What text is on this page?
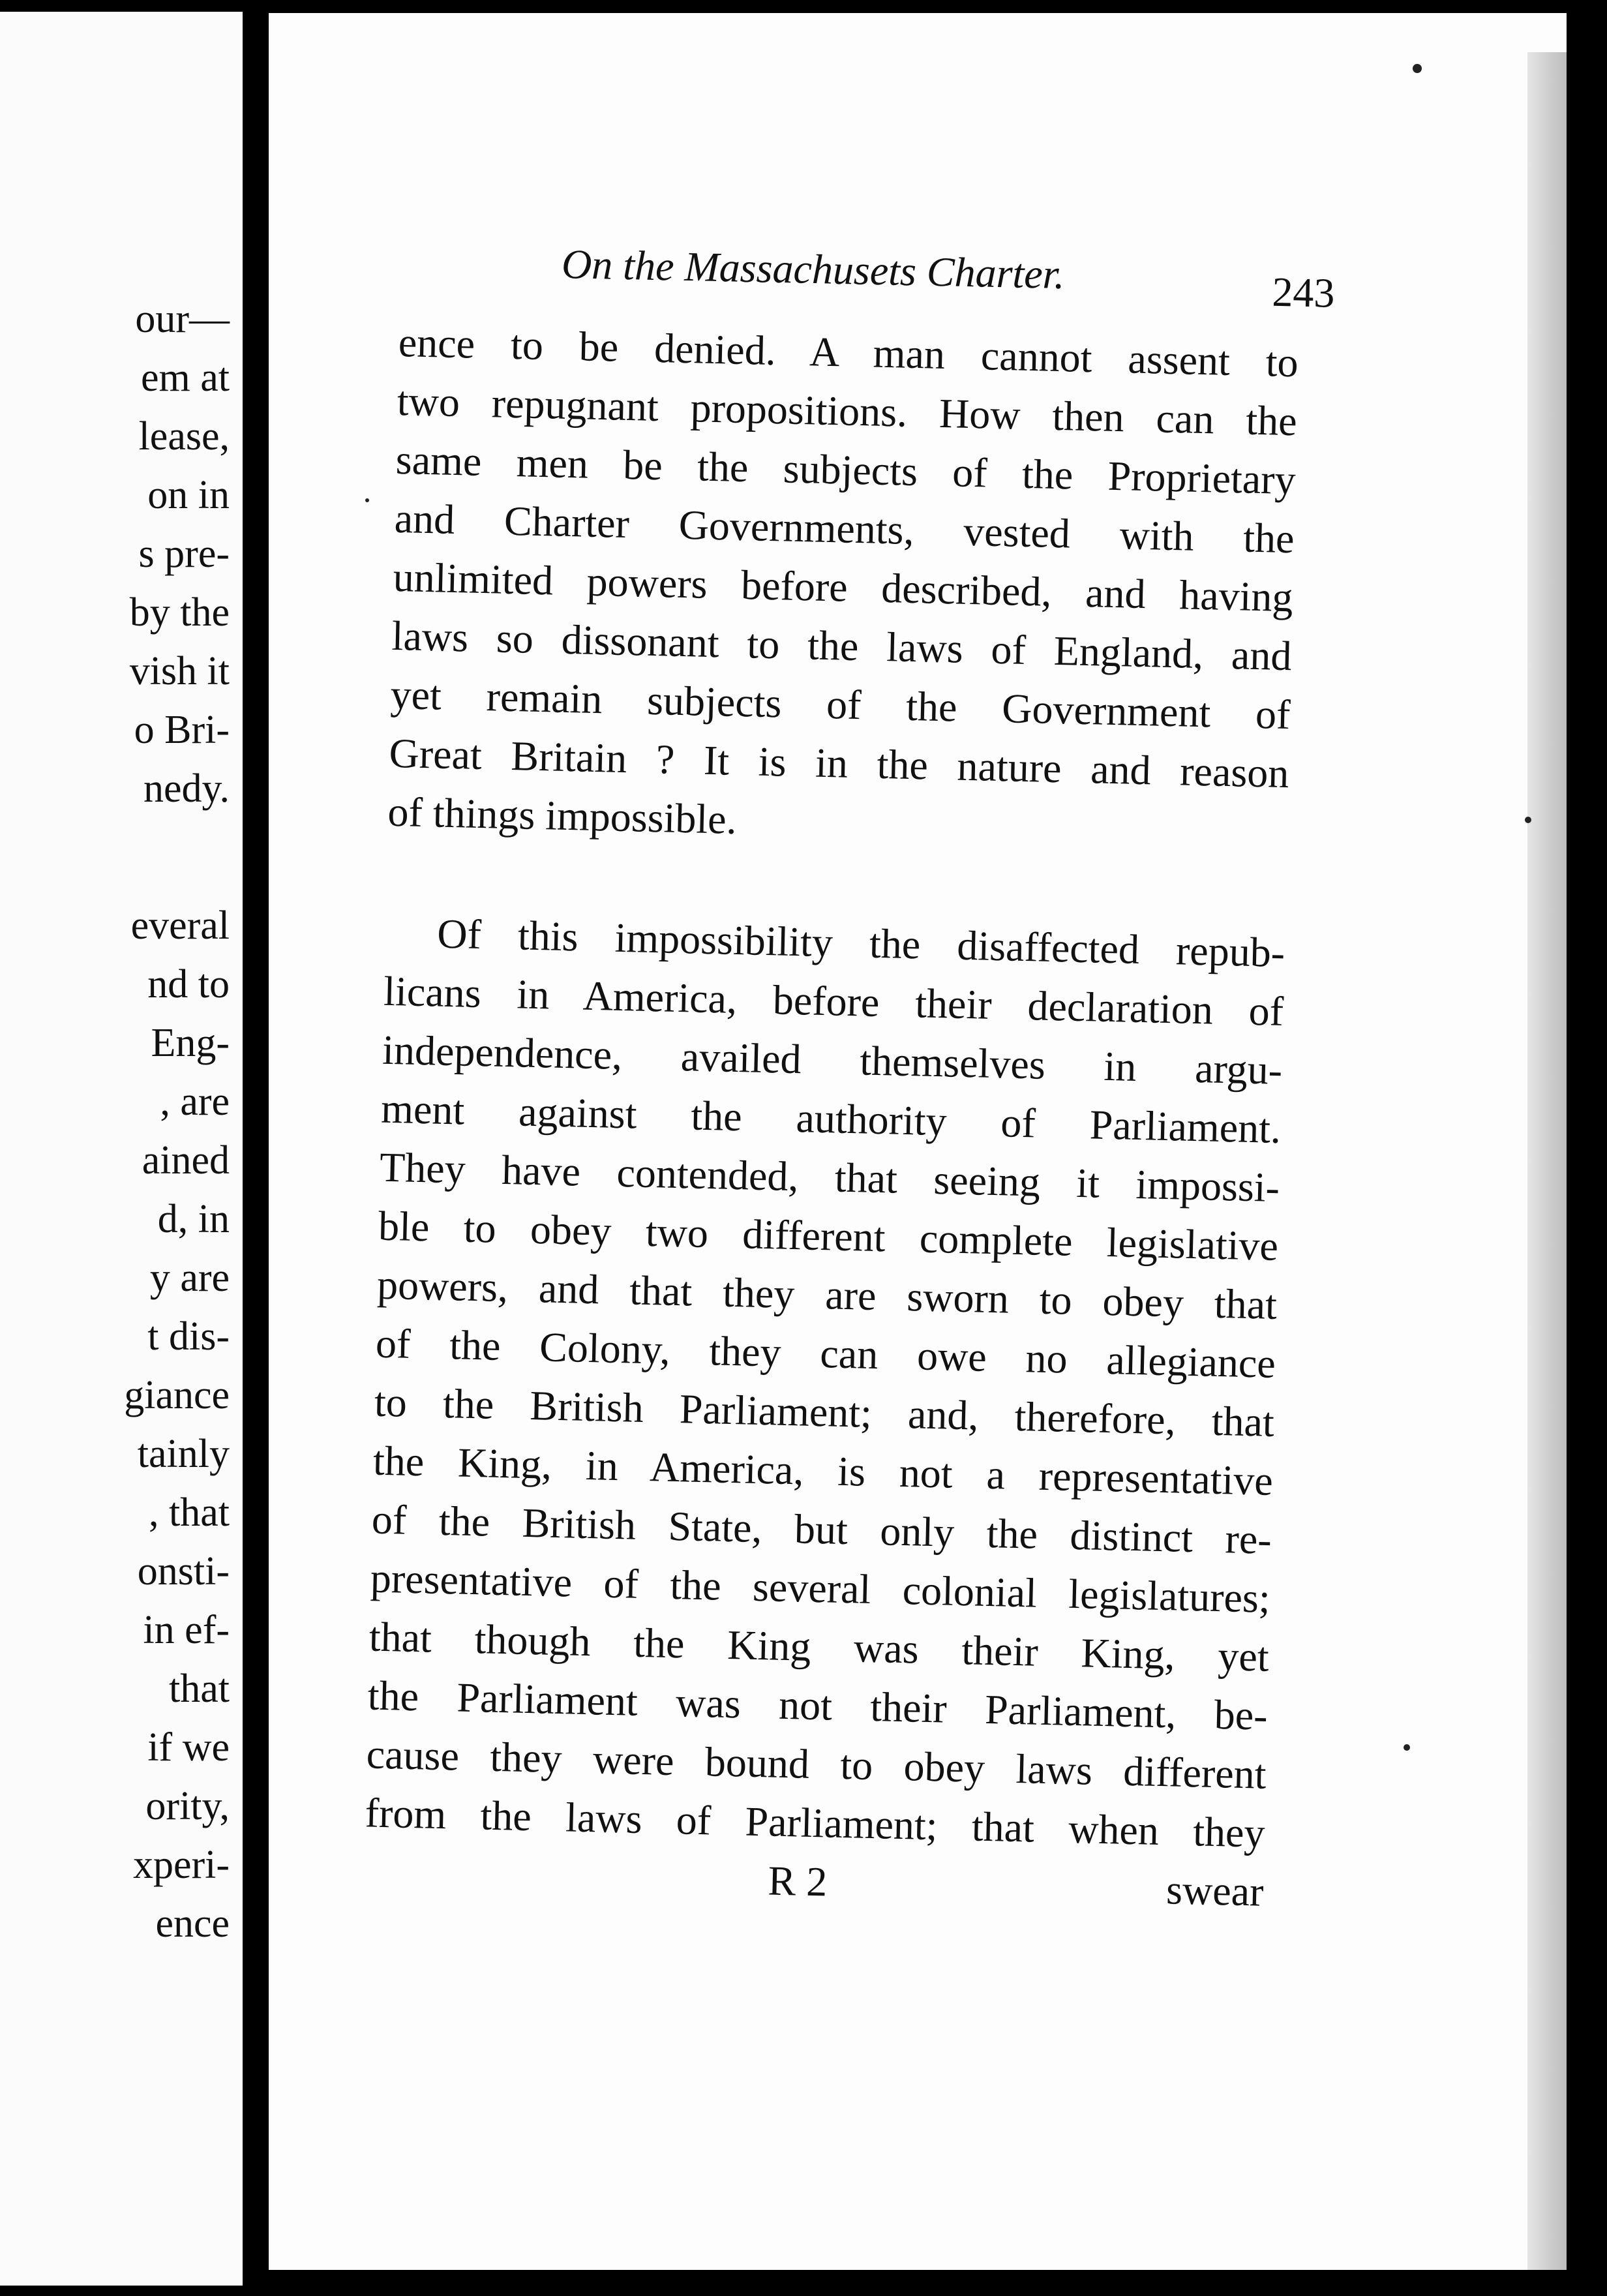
our—
em at
lease,
on in
s pre-
by the
vish it
o Bri-
nedy.
everal
nd to
Eng-
, are
ained
d, in
y are
t dis-
giance
tainly
, that
onsti-
in ef-
that
if we
ority,
xperi-
ence
On the Massachusets Charter.	243
ence to be denied. A man cannot assent to
two repugnant propositions. How then can the
same men be the subjects of the Proprietary
and Charter Governments, vested with the
unlimited powers before described, and having
laws so dissonant to the laws of England, and
yet remain subjects of the Government of
Great Britain ? It is in the nature and reason
of things impossible.
Of this impossibility the disaffected repub-
licans in America, before their declaration of
independence, availed themselves in argu-
ment against the authority of Parliament.
They have contended, that seeing it impossi-
ble to obey two different complete legislative
powers, and that they are sworn to obey that
of the Colony, they can owe no allegiance
to the British Parliament; and, therefore, that
the King, in America, is not a representative
of the British State, but only the distinct re-
presentative of the several colonial legislatures;
that though the King was their King, yet
the Parliament was not their Parliament, be-
cause they were bound to obey laws different
from the laws of Parliament; that when they
R 2	swear
